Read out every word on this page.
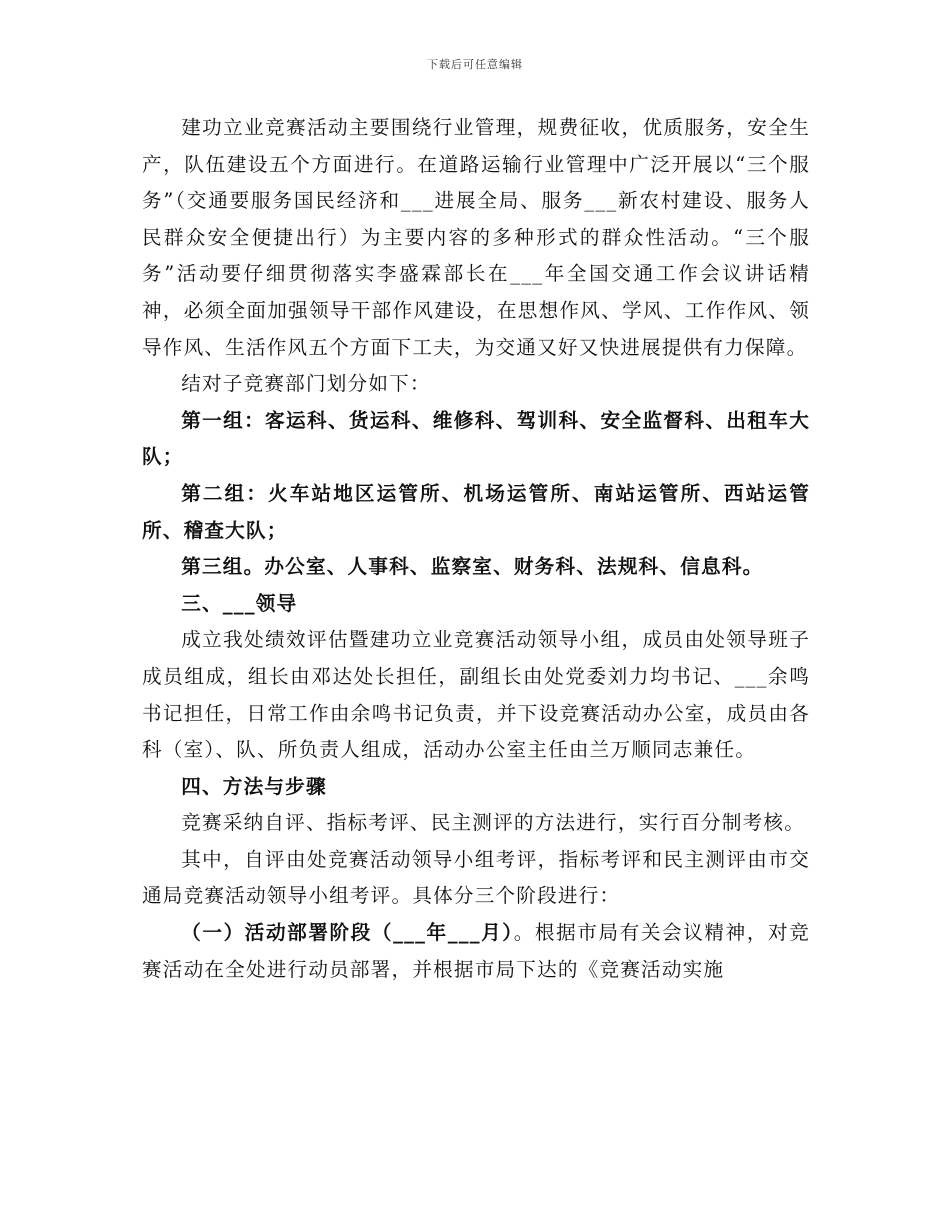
下载后可任意编辑

建功立业竞赛活动主要围绕行业管理，规费征收，优质服务，安全生产，队伍建设五个方面进行。在道路运输行业管理中广泛开展以“三个服务”（交通要服务国民经济和___进展全局、服务___新农村建设、服务人民群众安全便捷出行）为主要内容的多种形式的群众性活动。“三个服务”活动要仔细贯彻落实李盛霖部长在___年全国交通工作会议讲话精神，必须全面加强领导干部作风建设，在思想作风、学风、工作作风、领导作风、生活作风五个方面下工夫，为交通又好又快进展提供有力保障。

结对子竞赛部门划分如下：

第一组：客运科、货运科、维修科、驾训科、安全监督科、出租车大队；

第二组：火车站地区运管所、机场运管所、南站运管所、西站运管所、稽查大队；

第三组。办公室、人事科、监察室、财务科、法规科、信息科。

三、___领导

成立我处绩效评估暨建功立业竞赛活动领导小组，成员由处领导班子成员组成，组长由邓达处长担任，副组长由处党委刘力均书记、___余鸣书记担任，日常工作由余鸣书记负责，并下设竞赛活动办公室，成员由各科（室）、队、所负责人组成，活动办公室主任由兰万顺同志兼任。

四、方法与步骤

竞赛采纳自评、指标考评、民主测评的方法进行，实行百分制考核。

其中，自评由处竞赛活动领导小组考评，指标考评和民主测评由市交通局竞赛活动领导小组考评。具体分三个阶段进行：

（一）活动部署阶段（___年___月）。根据市局有关会议精神，对竞赛活动在全处进行动员部署，并根据市局下达的《竞赛活动实施
